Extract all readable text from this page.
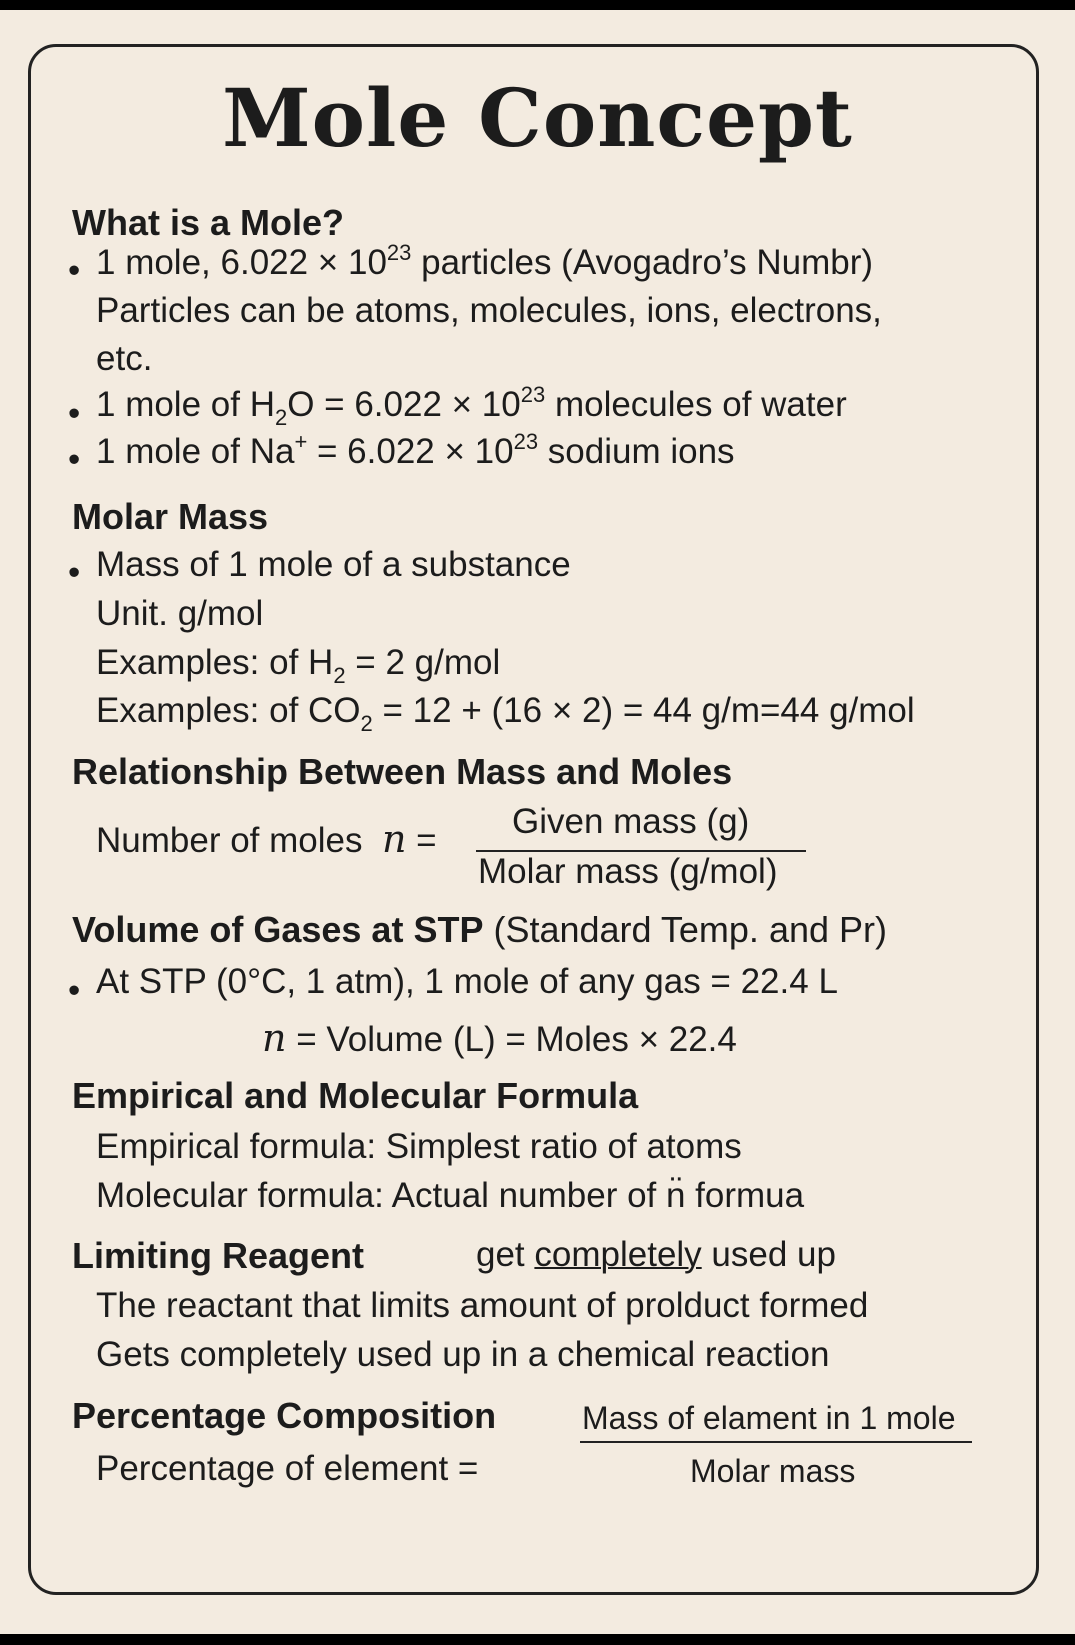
Mole Concept
What is a Mole?
• 1 mole, $6.022 \times 10^{23}$ particles (Avogadro’s Numbr)
Particles can be atoms, molecules, ions, electrons,
etc.
• 1 mole of $H_2O = 6.022 \times 10^{23}$ molecules of water
• 1 mole of $Na^+ = 6.022 \times 10^{23}$ sodium ions
Molar Mass
• Mass of 1 mole of a substance
Unit. g/mol
Examples: of $H_2 = 2$ g/mol
Examples: of $CO_2 = 12 + (16 \times 2) = 44$ g/m=44 g/mol
Relationship Between Mass and Moles
Number of moles n = Given mass (g)
Molar mass (g/mol)
Volume of Gases at STP (Standard Temp. and Pr)
• At STP (0°C, 1 atm), 1 mole of any gas = 22.4 L
n = Volume (L) = Moles × 22.4
Empirical and Molecular Formula
Empirical formula: Simplest ratio of atoms
Molecular formula: Actual number of n̈ formua
Limiting Reagent	get completely used up
The reactant that limits amount of prolduct formed
Gets completely used up in a chemical reaction
Percentage Composition	Mass of elament in 1 mole
Percentage of element =	Molar mass
